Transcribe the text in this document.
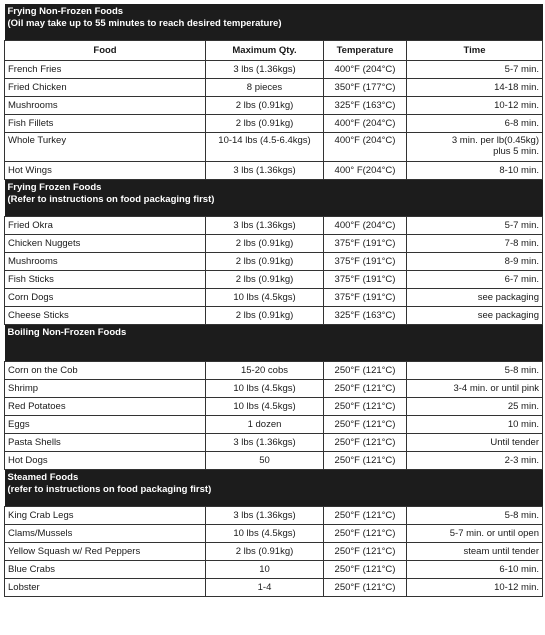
Frying Non-Frozen Foods
(Oil may take up to 55 minutes to reach desired temperature)			

Food	Maximum Qty.	Temperature	Time
French Fries	3 lbs (1.36kgs)	400°F (204°C)	5-7 min.
Fried Chicken	8 pieces	350°F (177°C)	14-18 min.
Mushrooms	2 lbs (0.91kg)	325°F (163°C)	10-12 min.
Fish Fillets	2 lbs (0.91kg)	400°F (204°C)	6-8 min.
Whole Turkey	10-14 lbs (4.5-6.4kgs)	400°F (204°C)	3 min. per lb(0.45kg)
plus 5 min.

Hot Wings	3 lbs (1.36kgs)	400° F(204°C)	8-10 min.

Frying Frozen Foods
(Refer to instructions on food packaging first)			

Fried Okra	3 lbs (1.36kgs)	400°F (204°C)	5-7 min.
Chicken Nuggets	2 lbs (0.91kg)	375°F (191°C)	7-8 min.
Mushrooms	2 lbs (0.91kg)	375°F (191°C)	8-9 min.
Fish Sticks	2 lbs (0.91kg)	375°F (191°C)	6-7 min.
Corn Dogs	10 lbs (4.5kgs)	375°F (191°C)	see packaging
Cheese Sticks	2 lbs (0.91kg)	325°F (163°C)	see packaging

Boiling Non-Frozen Foods			

Corn on the Cob	15-20 cobs	250°F (121°C)	5-8 min.
Shrimp	10 lbs (4.5kgs)	250°F (121°C)	3-4 min. or until pink
Red Potatoes	10 lbs (4.5kgs)	250°F (121°C)	25 min.
Eggs	1 dozen	250°F (121°C)	10 min.
Pasta Shells	3 lbs (1.36kgs)	250°F (121°C)	Until tender
Hot Dogs	50	250°F (121°C)	2-3 min.

Steamed Foods
(refer to instructions on food packaging first)			

King Crab Legs	3 lbs (1.36kgs)	250°F (121°C)	5-8 min.
Clams/Mussels	10 lbs (4.5kgs)	250°F (121°C)	5-7 min. or until open
Yellow Squash w/ Red Peppers	2 lbs (0.91kg)	250°F (121°C)	steam until tender
Blue Crabs	10	250°F (121°C)	6-10 min.
Lobster	1-4	250°F (121°C)	10-12 min.
